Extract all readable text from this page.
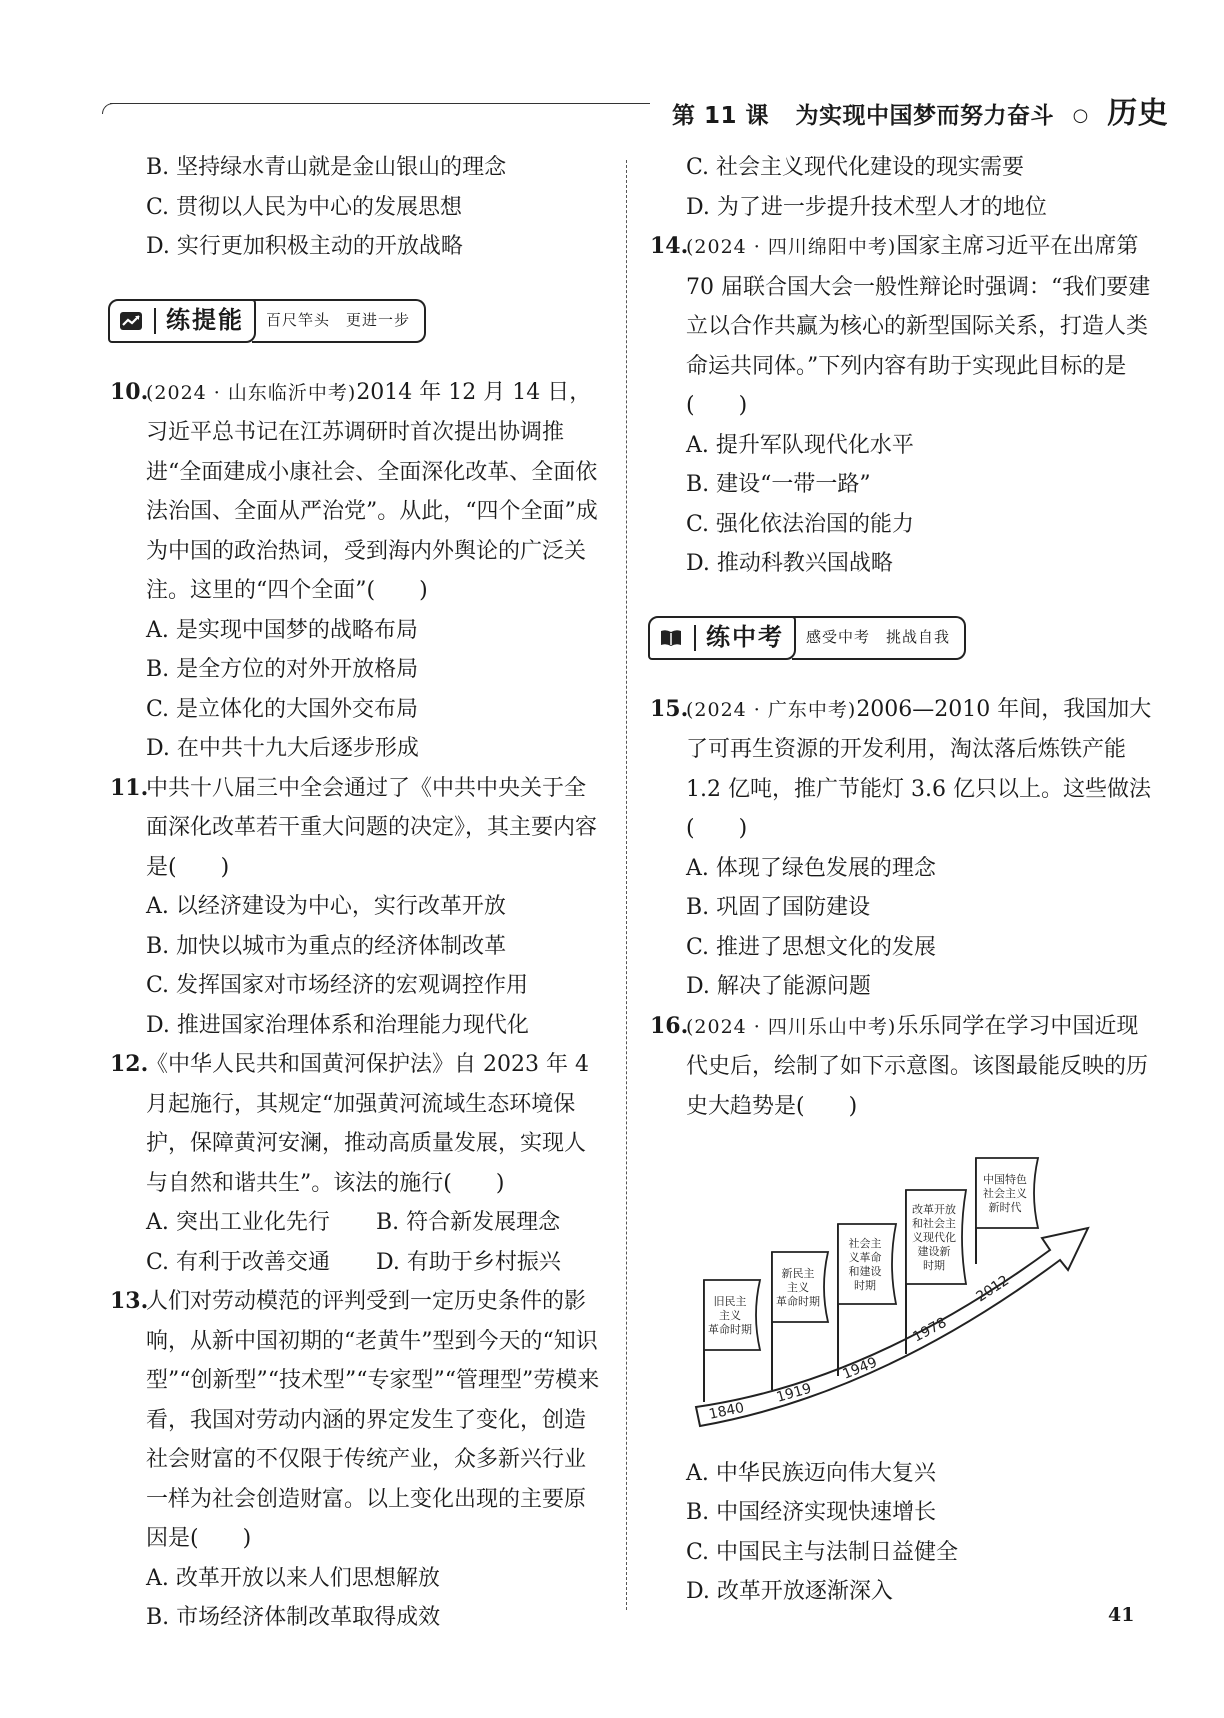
第 11 课 为实现中国梦而努力奋斗 ○ 历史

B. 坚持绿水青山就是金山银山的理念

C. 贯彻以人民为中心的发展思想

D. 实行更加积极主动的开放战略

练提能 百尺竿头　更进一步

10.(2024 · 山东临沂中考)2014 年 12 月 14 日，习近平总书记在江苏调研时首次提出协调推进“全面建成小康社会、全面深化改革、全面依法治国、全面从严治党”。从此，“四个全面”成为中国的政治热词，受到海内外舆论的广泛关注。这里的“四个全面”(　　)

A. 是实现中国梦的战略布局

B. 是全方位的对外开放格局

C. 是立体化的大国外交布局

D. 在中共十九大后逐步形成

11.中共十八届三中全会通过了《中共中央关于全面深化改革若干重大问题的决定》，其主要内容是(　　)

A. 以经济建设为中心，实行改革开放

B. 加快以城市为重点的经济体制改革

C. 发挥国家对市场经济的宏观调控作用

D. 推进国家治理体系和治理能力现代化

12.《中华人民共和国黄河保护法》自 2023 年 4 月起施行，其规定“加强黄河流域生态环境保护，保障黄河安澜，推动高质量发展，实现人与自然和谐共生”。该法的施行(　　)

A. 突出工业化先行	B. 符合新发展理念

C. 有利于改善交通	D. 有助于乡村振兴

13.人们对劳动模范的评判受到一定历史条件的影响，从新中国初期的“老黄牛”型到今天的“知识型”“创新型”“技术型”“专家型”“管理型”劳模来看，我国对劳动内涵的界定发生了变化，创造社会财富的不仅限于传统产业，众多新兴行业一样为社会创造财富。以上变化出现的主要原因是(　　)

A. 改革开放以来人们思想解放

B. 市场经济体制改革取得成效

C. 社会主义现代化建设的现实需要

D. 为了进一步提升技术型人才的地位

14.(2024 · 四川绵阳中考)国家主席习近平在出席第 70 届联合国大会一般性辩论时强调：“我们要建立以合作共赢为核心的新型国际关系，打造人类命运共同体。”下列内容有助于实现此目标的是(　　)

A. 提升军队现代化水平

B. 建设“一带一路”

C. 强化依法治国的能力

D. 推动科教兴国战略

练中考 感受中考　挑战自我

15.(2024 · 广东中考)2006—2010 年间，我国加大了可再生资源的开发利用，淘汰落后炼铁产能 1.2 亿吨，推广节能灯 3.6 亿只以上。这些做法(　　)

A. 体现了绿色发展的理念

B. 巩固了国防建设

C. 推进了思想文化的发展

D. 解决了能源问题

16.(2024 · 四川乐山中考)乐乐同学在学习中国近现代史后，绘制了如下示意图。该图最能反映的历史大趋势是(　　)

旧民主
主义
革命时期
新民主
主义
革命时期
社会主
义革命
和建设
时期
改革开放
和社会主
义现代化
建设新
时期
中国特色
社会主义
新时代
1840
1919
1949
1978
2012

A. 中华民族迈向伟大复兴

B. 中国经济实现快速增长

C. 中国民主与法制日益健全

D. 改革开放逐渐深入

41
